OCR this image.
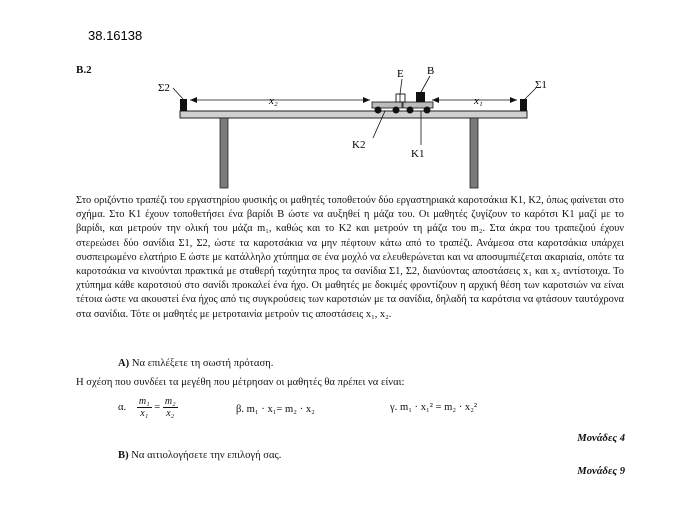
38.16138
Β.2
Σ2	Σ1
x₂	x₁
Ε Β
Κ2
Κ1
Στο οριζόντιο τραπέζι του εργαστηρίου φυσικής οι μαθητές τοποθετούν δύο εργαστηριακά καροτσάκια Κ1, Κ2, όπως φαίνεται στο σχήμα. Στο Κ1 έχουν τοποθετήσει ένα βαρίδι Β ώστε να αυξηθεί η μάζα του. Οι μαθητές ζυγίζουν το καρότσι Κ1 μαζί με το βαρίδι, και μετρούν την ολική του μάζα m₁, καθώς και το Κ2 και μετρούν τη μάζα του m₂. Στα άκρα του τραπεζιού έχουν στερεώσει δύο σανίδια Σ1, Σ2, ώστε τα καροτσάκια να μην πέφτουν κάτω από το τραπέζι. Ανάμεσα στα καροτσάκια υπάρχει συσπειρωμένο ελατήριο Ε ώστε με κατάλληλο χτύπημα σε ένα μοχλό να ελευθερώνεται και να αποσυμπιέζεται ακαριαία, οπότε τα καροτσάκια να κινούνται πρακτικά με σταθερή ταχύτητα προς τα σανίδια Σ1, Σ2, διανύοντας αποστάσεις x₁ και x₂ αντίστοιχα. Το χτύπημα κάθε καροτσιού στο σανίδι προκαλεί ένα ήχο. Οι μαθητές με δοκιμές φροντίζουν η αρχική θέση των καροτσιών να είναι τέτοια ώστε να ακουστεί ένα ήχος από τις συγκρούσεις των καροτσιών με τα σανίδια, δηλαδή τα καρότσια να φτάσουν ταυτόχρονα στα σανίδια. Τότε οι μαθητές με μετροταινία μετρούν τις αποστάσεις x₁, x₂.
Α) Να επιλέξετε τη σωστή πρόταση.
Η σχέση που συνδέει τα μεγέθη που μέτρησαν οι μαθητές θα πρέπει να είναι:
α. $\frac{\text{m₁}}{\text{x₁}} = \frac{\text{m₂}}{\text{x₂}}$	β. m₁ · x₁= m₂ · x₂	γ. m₁ · x₁² = m₂ · x₂²
Μονάδες 4
Β) Να αιτιολογήσετε την επιλογή σας.
Μονάδες 9
